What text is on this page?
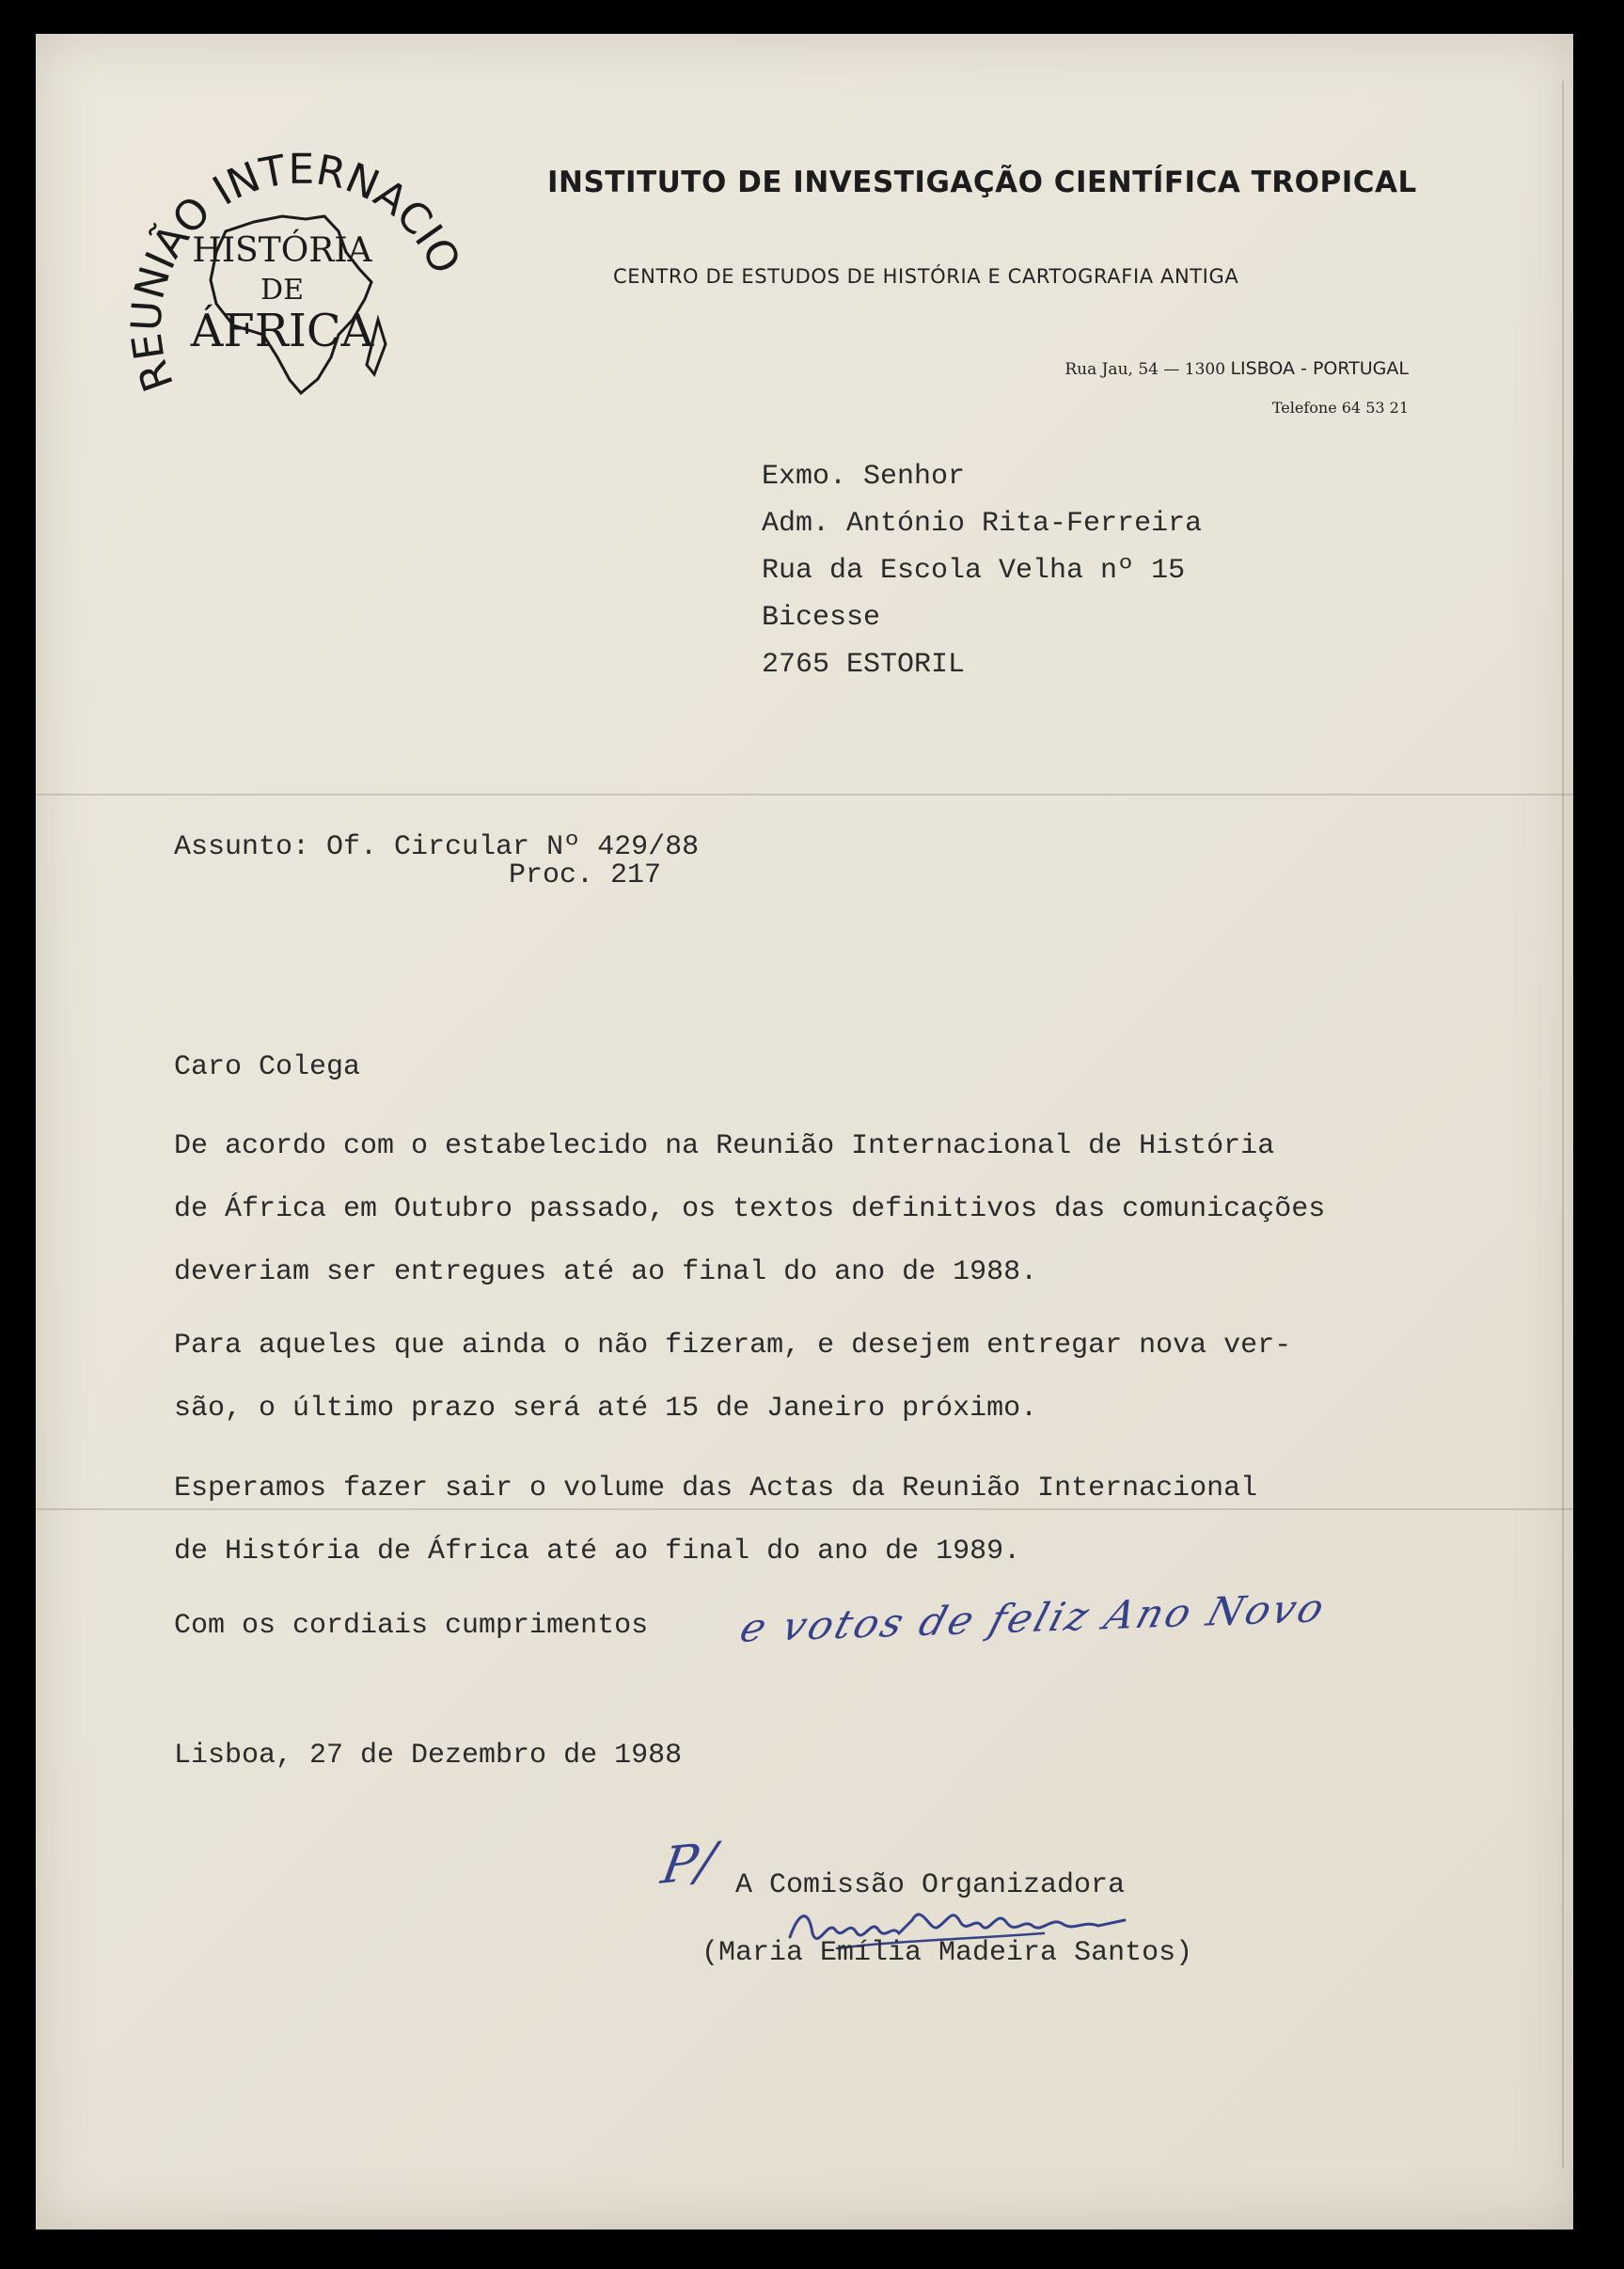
REUNIÃO INTERNACIO
HISTÓRIA
DE
ÁFRICA
INSTITUTO DE INVESTIGAÇÃO CIENTÍFICA TROPICAL
CENTRO DE ESTUDOS DE HISTÓRIA E CARTOGRAFIA ANTIGA
Rua Jau, 54 — 1300 LISBOA - PORTUGAL
Telefone 64 53 21
Exmo. Senhor
Adm. António Rita-Ferreira
Rua da Escola Velha nº 15
Bicesse
2765 ESTORIL
Assunto: Of. Circular Nº 429/88
Proc. 217
Caro Colega
De acordo com o estabelecido na Reunião Internacional de História
de África em Outubro passado, os textos definitivos das comunicações
deveriam ser entregues até ao final do ano de 1988.
Para aqueles que ainda o não fizeram, e desejem entregar nova ver-
são, o último prazo será até 15 de Janeiro próximo.
Esperamos fazer sair o volume das Actas da Reunião Internacional
de História de África até ao final do ano de 1989.
Com os cordiais cumprimentos e votos de feliz Ano Novo
Lisboa, 27 de Dezembro de 1988
P/ A Comissão Organizadora
(Maria Emília Madeira Santos)
